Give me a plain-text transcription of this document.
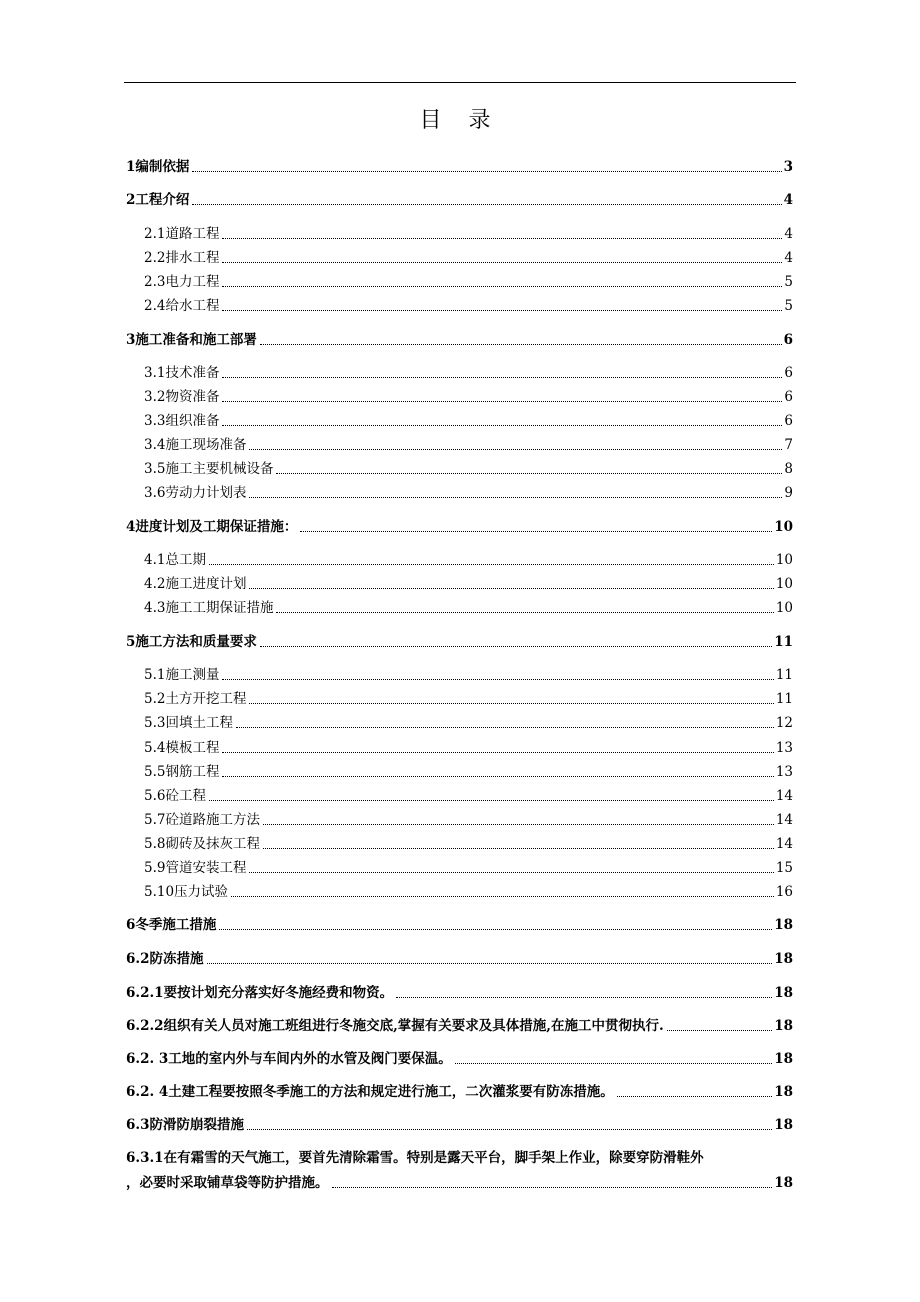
目 录
1编制依据	3
2工程介绍	4
2.1道路工程	4
2.2排水工程	4
2.3电力工程	5
2.4给水工程	5
3施工准备和施工部署	6
3.1技术准备	6
3.2物资准备	6
3.3组织准备	6
3.4施工现场准备	7
3.5施工主要机械设备	8
3.6劳动力计划表	9
4进度计划及工期保证措施：	10
4.1总工期	10
4.2施工进度计划	10
4.3施工工期保证措施	10
5施工方法和质量要求	11
5.1施工测量	11
5.2土方开挖工程	11
5.3回填土工程	12
5.4模板工程	13
5.5钢筋工程	13
5.6砼工程	14
5.7砼道路施工方法	14
5.8砌砖及抹灰工程	14
5.9管道安装工程	15
5.10压力试验	16
6冬季施工措施	18
6.2防冻措施	18
6.2.1要按计划充分落实好冬施经费和物资。	18
6.2.2组织有关人员对施工班组进行冬施交底,掌握有关要求及具体措施,在施工中贯彻执行.	18
6.2. 3工地的室内外与车间内外的水管及阀门要保温。	18
6.2. 4土建工程要按照冬季施工的方法和规定进行施工，二次灌浆要有防冻措施。	18
6.3防滑防崩裂措施	18
6.3.1在有霜雪的天气施工，要首先清除霜雪。特别是露天平台，脚手架上作业，除要穿防滑鞋外
，必要时采取铺草袋等防护措施。	18
